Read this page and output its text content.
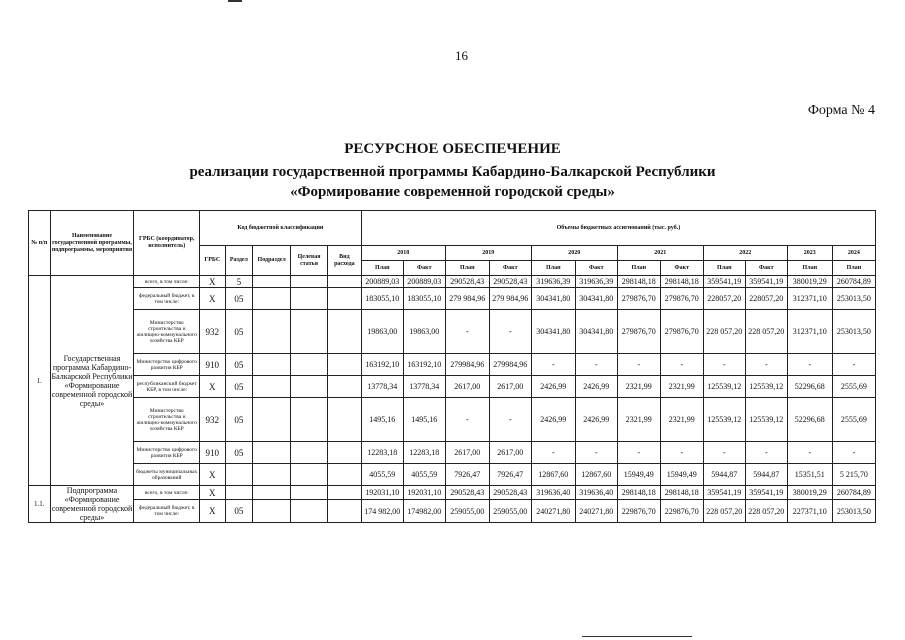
16
Форма № 4
РЕСУРСНОЕ ОБЕСПЕЧЕНИЕ
реализации государственной программы Кабардино-Балкарской Республики
«Формирование современной городской среды»
№ п/п	Наименование государственной программы, подпрограммы, мероприятия	ГРБС (координатор, исполнитель)	Код бюджетной классификации					Объемы бюджетных ассигнований (тыс. руб.)											
			ГРБС	Раздел	Подраздел	Целевая статья	Вид расхода	2018		2019		2020		2021		2022		2023	2024
								План	Факт	План	Факт	План	Факт	План	Факт	План	Факт	План	План
1.	Государственная программа Кабардино-Балкарской Республики «Формирование современной городской среды»	всего, в том числе:	Х	5				200889,03	200889,03	290528,43	290528,43	319636,39	319636,39	298148,18	298148,18	359541,19	359541,19	380019,29	260784,89
		федеральный бюджет, в том числе:	Х	05				183055,10	183055,10	279 984,96	279 984,96	304341,80	304341,80	279876,70	279876,70	228057,20	228057,20	312371,10	253013,50
		Министерство строительства и жилищно-коммунального хозяйства КБР	932	05				19863,00	19863,00	-	-	304341,80	304341,80	279876,70	279876,70	228 057,20	228 057,20	312371,10	253013,50
		Министерство цифрового развития КБР	910	05				163192,10	163192,10	279984,96	279984,96	-	-	-	-	-	-	-	-
		республиканский бюджет КБР, в том числе:	Х	05				13778,34	13778,34	2617,00	2617,00	2426,99	2426,99	2321,99	2321,99	125539,12	125539,12	52296,68	2555,69
		Министерство строительства и жилищно-коммунального хозяйства КБР	932	05				1495,16	1495,16	-	-	2426,99	2426,99	2321,99	2321,99	125539,12	125539,12	52296,68	2555,69
		Министерство цифрового развития КБР	910	05				12283,18	12283,18	2617,00	2617,00	-	-	-	-	-	-	-	-
		бюджеты муниципальных образований	Х					4055,59	4055,59	7926,47	7926,47	12867,60	12867,60	15949,49	15949,49	5944,87	5944,87	15351,51	5 215,70
1.1.	Подпрограмма «Формирование современной городской среды»	всего, в том числе:	Х					192031,10	192031,10	290528,43	290528,43	319636,40	319636,40	298148,18	298148,18	359541,19	359541,19	380019,29	260784,89
		федеральный бюджет, в том числе:	Х	05				174 982,00	174982,00	259055,00	259055,00	240271,80	240271,80	229876,70	229876,70	228 057,20	228 057,20	227371,10	253013,50
